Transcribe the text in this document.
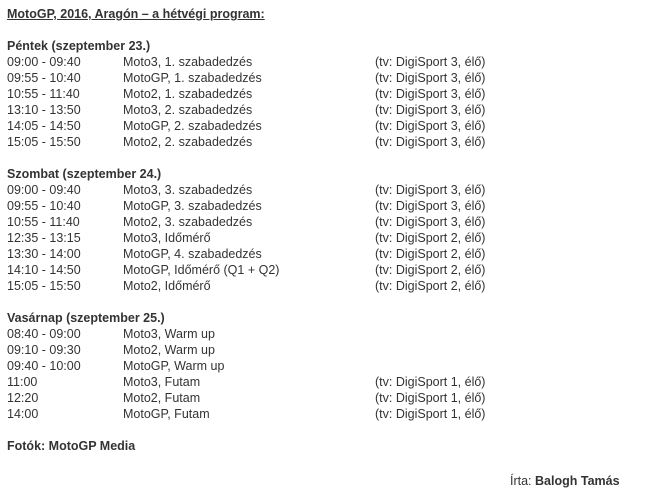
MotoGP, 2016, Aragón – a hétvégi program:
Péntek (szeptember 23.)
09:00 - 09:40	Moto3, 1. szabadedzés	(tv: DigiSport 3, élő)
09:55 - 10:40	MotoGP, 1. szabadedzés	(tv: DigiSport 3, élő)
10:55 - 11:40	Moto2, 1. szabadedzés	(tv: DigiSport 3, élő)
13:10 - 13:50	Moto3, 2. szabadedzés	(tv: DigiSport 3, élő)
14:05 - 14:50	MotoGP, 2. szabadedzés	(tv: DigiSport 3, élő)
15:05 - 15:50	Moto2, 2. szabadedzés	(tv: DigiSport 3, élő)
Szombat (szeptember 24.)
09:00 - 09:40	Moto3, 3. szabadedzés	(tv: DigiSport 3, élő)
09:55 - 10:40	MotoGP, 3. szabadedzés	(tv: DigiSport 3, élő)
10:55 - 11:40	Moto2, 3. szabadedzés	(tv: DigiSport 3, élő)
12:35 - 13:15	Moto3, Időmérő	(tv: DigiSport 2, élő)
13:30 - 14:00	MotoGP, 4. szabadedzés	(tv: DigiSport 2, élő)
14:10 - 14:50	MotoGP, Időmérő (Q1 + Q2)	(tv: DigiSport 2, élő)
15:05 - 15:50	Moto2, Időmérő	(tv: DigiSport 2, élő)
Vasárnap (szeptember 25.)
08:40 - 09:00	Moto3, Warm up
09:10 - 09:30	Moto2, Warm up
09:40 - 10:00	MotoGP, Warm up
11:00	Moto3, Futam	(tv: DigiSport 1, élő)
12:20	Moto2, Futam	(tv: DigiSport 1, élő)
14:00	MotoGP, Futam	(tv: DigiSport 1, élő)
Fotók: MotoGP Media
Írta: Balogh Tamás
